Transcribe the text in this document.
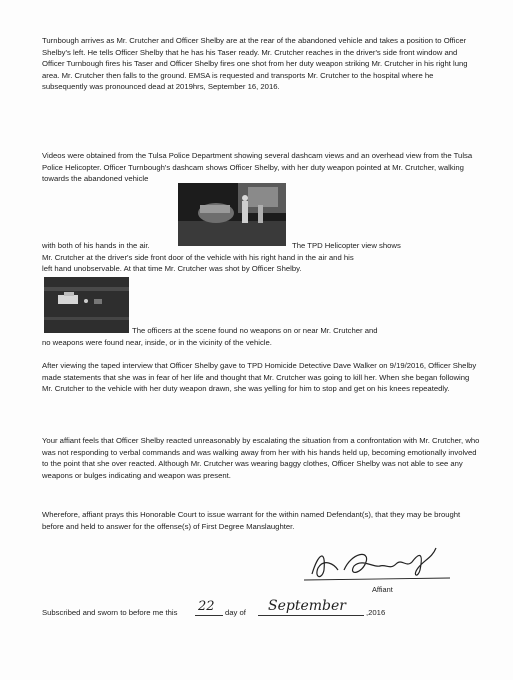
Turnbough arrives as Mr. Crutcher and Officer Shelby are at the rear of the abandoned vehicle and takes a position to Officer Shelby's left. He tells Officer Shelby that he has his Taser ready. Mr. Crutcher reaches in the driver's side front window and Officer Turnbough fires his Taser and Officer Shelby fires one shot from her duty weapon striking Mr. Crutcher in his right lung area. Mr. Crutcher then falls to the ground. EMSA is requested and transports Mr. Crutcher to the hospital where he subsequently was pronounced dead at 2019hrs, September 16, 2016.

Videos were obtained from the Tulsa Police Department showing several dashcam views and an overhead view from the Tulsa Police Helicopter. Officer Turnbough's dashcam shows Officer Shelby, with her duty weapon pointed at Mr. Crutcher, walking towards the abandoned vehicle

with both of his hands in the air.	The TPD Helicopter view shows
Mr. Crutcher at the driver's side front door of the vehicle with his right hand in the air and his
left hand unobservable. At that time Mr. Crutcher was shot by Officer Shelby.
The officers at the scene found no weapons on or near Mr. Crutcher and
no weapons were found near, inside, or in the vicinity of the vehicle.

After viewing the taped interview that Officer Shelby gave to TPD Homicide Detective Dave Walker on 9/19/2016, Officer Shelby made statements that she was in fear of her life and thought that Mr. Crutcher was going to kill her. When she began following Mr. Crutcher to the vehicle with her duty weapon drawn, she was yelling for him to stop and get on his knees repeatedly.

Your affiant feels that Officer Shelby reacted unreasonably by escalating the situation from a confrontation with Mr. Crutcher, who was not responding to verbal commands and was walking away from her with his hands held up, becoming emotionally involved to the point that she over reacted. Although Mr. Crutcher was wearing baggy clothes, Officer Shelby was not able to see any weapons or bulges indicating and weapon was present.

Wherefore, affiant prays this Honorable Court to issue warrant for the within named Defendant(s), that they may be brought before and held to answer for the offense(s) of First Degree Manslaughter.

Affiant
Subscribed and sworn to before me this 22 day of September	,2016
